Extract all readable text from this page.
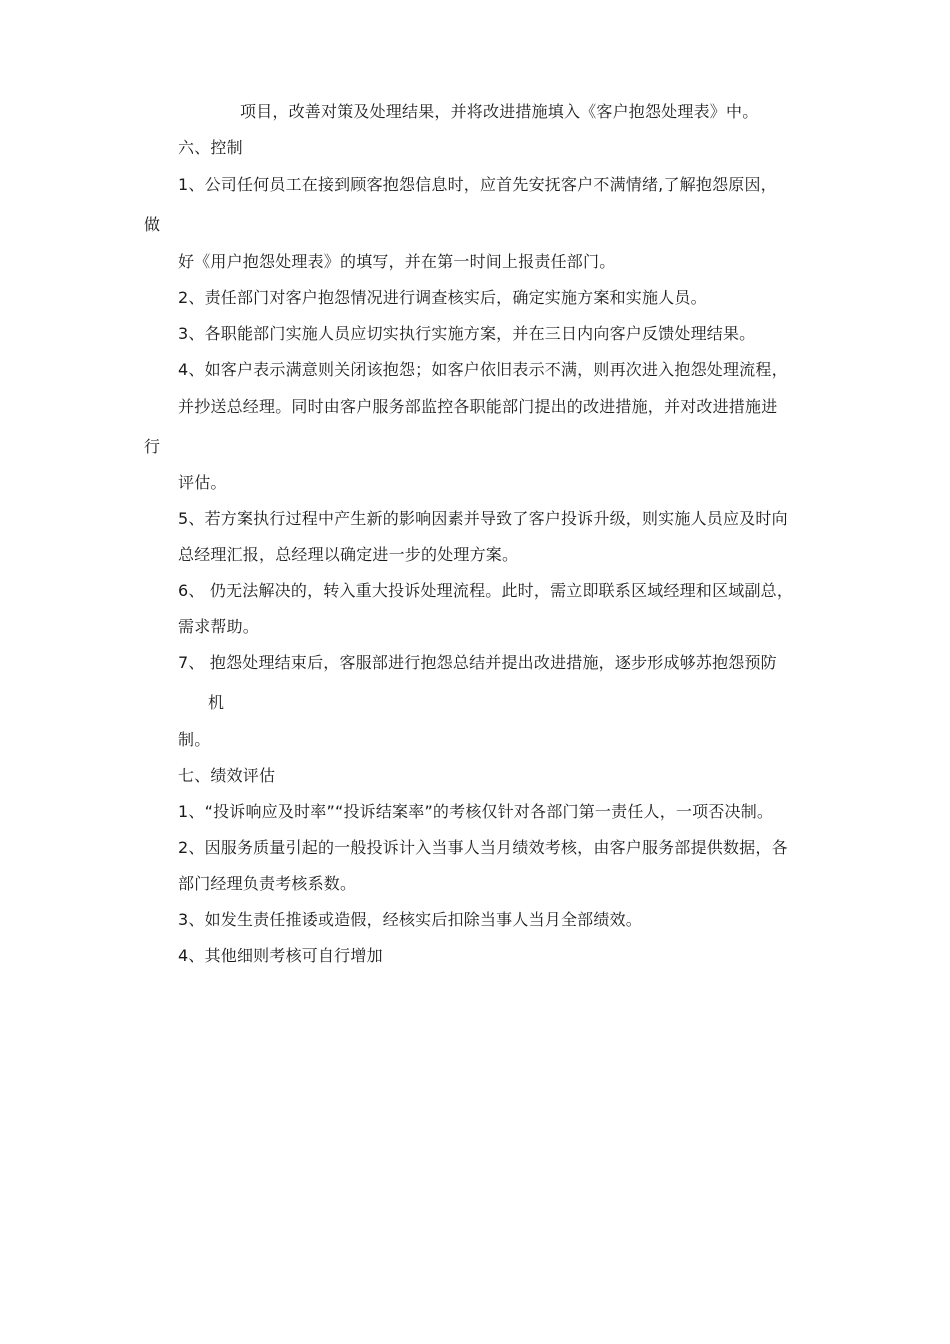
项目，改善对策及处理结果，并将改进措施填入《客户抱怨处理表》中。
六、控制
1、公司任何员工在接到顾客抱怨信息时，应首先安抚客户不满情绪,了解抱怨原因，
做
好《用户抱怨处理表》的填写，并在第一时间上报责任部门。
2、责任部门对客户抱怨情况进行调查核实后，确定实施方案和实施人员。
3、各职能部门实施人员应切实执行实施方案，并在三日内向客户反馈处理结果。
4、如客户表示满意则关闭该抱怨；如客户依旧表示不满，则再次进入抱怨处理流程，
并抄送总经理。同时由客户服务部监控各职能部门提出的改进措施，并对改进措施进
行
评估。
5、若方案执行过程中产生新的影响因素并导致了客户投诉升级，则实施人员应及时向
总经理汇报，总经理以确定进一步的处理方案。
6、 仍无法解决的，转入重大投诉处理流程。此时，需立即联系区域经理和区域副总，
需求帮助。
7、 抱怨处理结束后，客服部进行抱怨总结并提出改进措施，逐步形成够苏抱怨预防
机
制。
七、绩效评估
1、“投诉响应及时率”“投诉结案率”的考核仅针对各部门第一责任人，一项否决制。
2、因服务质量引起的一般投诉计入当事人当月绩效考核，由客户服务部提供数据，各
部门经理负责考核系数。
3、如发生责任推诿或造假，经核实后扣除当事人当月全部绩效。
4、其他细则考核可自行增加
